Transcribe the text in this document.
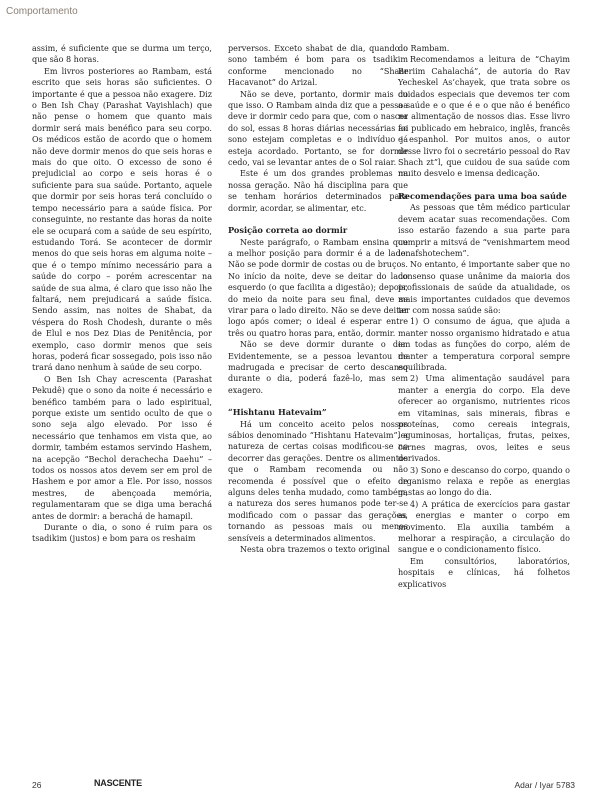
Comportamento

assim, é suficiente que se durma um terço, que são 8 horas.

Em livros posteriores ao Rambam, está escrito que seis horas são suficientes. O importante é que a pessoa não exagere. Diz o Ben Ish Chay (Parashat Vayishlach) que não pense o homem que quanto mais dormir será mais benéfico para seu corpo. Os médicos estão de acordo que o homem não deve dormir menos do que seis horas e mais do que oito. O excesso de sono é prejudicial ao corpo e seis horas é o suficiente para sua saúde. Portanto, aquele que dormir por seis horas terá concluído o tempo necessário para a saúde física. Por conseguinte, no restante das horas da noite ele se ocupará com a saúde de seu espírito, estudando Torá. Se acontecer de dormir menos do que seis horas em alguma noite – que é o tempo mínimo necessário para a saúde do corpo – porém acrescentar na saúde de sua alma, é claro que isso não lhe faltará, nem prejudicará a saúde física. Sendo assim, nas noites de Shabat, da véspera do Rosh Chodesh, durante o mês de Elul e nos Dez Dias de Penitência, por exemplo, caso dormir menos que seis horas, poderá ficar sossegado, pois isso não trará dano nenhum à saúde de seu corpo.

O Ben Ish Chay acrescenta (Parashat Pekudê) que o sono da noite é necessário e benéfico também para o lado espiritual, porque existe um sentido oculto de que o sono seja algo elevado. Por isso é necessário que tenhamos em vista que, ao dormir, também estamos servindo Hashem, na acepção “Bechol derachecha Daehu” – todos os nossos atos devem ser em prol de Hashem e por amor a Ele. Por isso, nossos mestres, de abençoada memória, regulamentaram que se diga uma berachá antes de dormir: a berachá de hamapil.

Durante o dia, o sono é ruim para os tsadikim (justos) e bom para os reshaim

perversos. Exceto shabat de dia, quando o sono também é bom para os tsadikim conforme mencionado no “Shaar Hacavanot” do Arizal.

Não se deve, portanto, dormir mais do que isso. O Rambam ainda diz que a pessoa deve ir dormir cedo para que, com o nascer do sol, essas 8 horas diárias necessárias ao sono estejam completas e o indivíduo já esteja acordado. Portanto, se for dormir cedo, vai se levantar antes de o Sol raiar.

Este é um dos grandes problemas na nossa geração. Não há disciplina para que se tenham horários determinados para dormir, acordar, se alimentar, etc.

Posição correta ao dormir

Neste parágrafo, o Rambam ensina que a melhor posição para dormir é a de lado. Não se pode dormir de costas ou de bruços. No início da noite, deve se deitar do lado esquerdo (o que facilita a digestão); depois, do meio da noite para seu final, deve se virar para o lado direito. Não se deve deitar logo após comer; o ideal é esperar entre três ou quatro horas para, então, dormir.

Não se deve dormir durante o dia. Evidentemente, se a pessoa levantou de madrugada e precisar de certo descanso durante o dia, poderá fazê-lo, mas sem exagero.

“Hishtanu Hatevaim”

Há um conceito aceito pelos nossos sábios denominado “Hishtanu Hatevaim”, a natureza de certas coisas modificou-se no decorrer das gerações. Dentre os alimentos que o Rambam recomenda ou não recomenda é possível que o efeito de alguns deles tenha mudado, como também, a natureza dos seres humanos pode ter-se modificado com o passar das gerações, tornando as pessoas mais ou menos sensíveis a determinados alimentos.

Nesta obra trazemos o texto original

do Rambam.

Recomendamos a leitura de “Chayim Beriim Cahalachá”, de autoria do Rav Yecheskel As’chayek, que trata sobre os cuidados especiais que devemos ter com a saúde e o que é e o que não é benéfico na alimentação de nossos dias. Esse livro foi publicado em hebraico, inglês, francês e espanhol. Por muitos anos, o autor desse livro foi o secretário pessoal do Rav Shach zt”l, que cuidou de sua saúde com muito desvelo e imensa dedicação.

Recomendações para uma boa saúde

As pessoas que têm médico particular devem acatar suas recomendações. Com isso estarão fazendo a sua parte para cumprir a mitsvá de “venishmartem meod lenafshotechem”.

No entanto, é importante saber que no consenso quase unânime da maioria dos profissionais de saúde da atualidade, os mais importantes cuidados que devemos ter com nossa saúde são:

1) O consumo de água, que ajuda a manter nosso organismo hidratado e atua em todas as funções do corpo, além de manter a temperatura corporal sempre equilibrada.

2) Uma alimentação saudável para manter a energia do corpo. Ela deve oferecer ao organismo, nutrientes ricos em vitaminas, sais minerais, fibras e proteínas, como cereais integrais, leguminosas, hortaliças, frutas, peixes, carnes magras, ovos, leites e seus derivados.

3) Sono e descanso do corpo, quando o organismo relaxa e repõe as energias gastas ao longo do dia.

4) A prática de exercícios para gastar as energias e manter o corpo em movimento. Ela auxilia também a melhorar a respiração, a circulação do sangue e o condicionamento físico.

Em consultórios, laboratórios, hospitais e clínicas, há folhetos explicativos

26	NASCENTE	Adar / Iyar 5783
